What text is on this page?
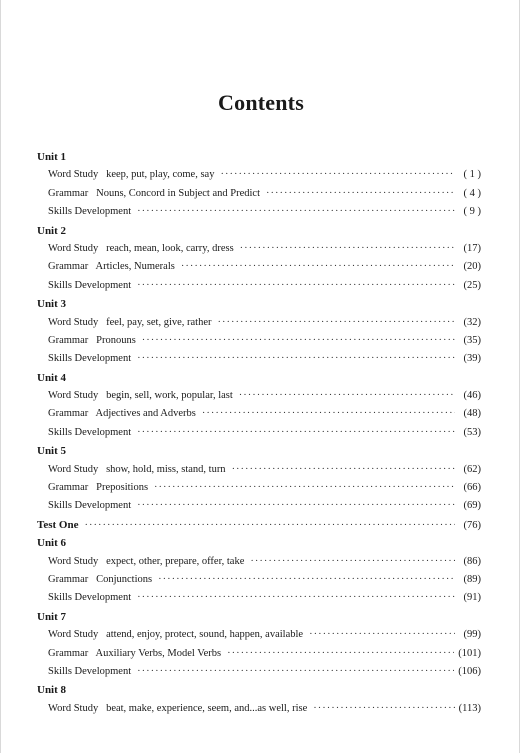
Contents
Unit 1
Word Study   keep, put, play, come, say ·····	( 1 )
Grammar   Nouns, Concord in Subject and Predict ·····	( 4 )
Skills Development ·····	( 9 )
Unit 2
Word Study   reach, mean, look, carry, dress ·····	(17)
Grammar   Articles, Numerals ·····	(20)
Skills Development ·····	(25)
Unit 3
Word Study   feel, pay, set, give, rather ·····	(32)
Grammar   Pronouns ·····	(35)
Skills Development ·····	(39)
Unit 4
Word Study   begin, sell, work, popular, last ·····	(46)
Grammar   Adjectives and Adverbs ·····	(48)
Skills Development ·····	(53)
Unit 5
Word Study   show, hold, miss, stand, turn ·····	(62)
Grammar   Prepositions ·····	(66)
Skills Development ·····	(69)
Test One ·····	(76)
Unit 6
Word Study   expect, other, prepare, offer, take ·····	(86)
Grammar   Conjunctions ·····	(89)
Skills Development ·····	(91)
Unit 7
Word Study   attend, enjoy, protect, sound, happen, available ·····	(99)
Grammar   Auxiliary Verbs, Model Verbs ·····	(101)
Skills Development ·····	(106)
Unit 8
Word Study   beat, make, experience, seem, and...as well, rise ·····	(113)
